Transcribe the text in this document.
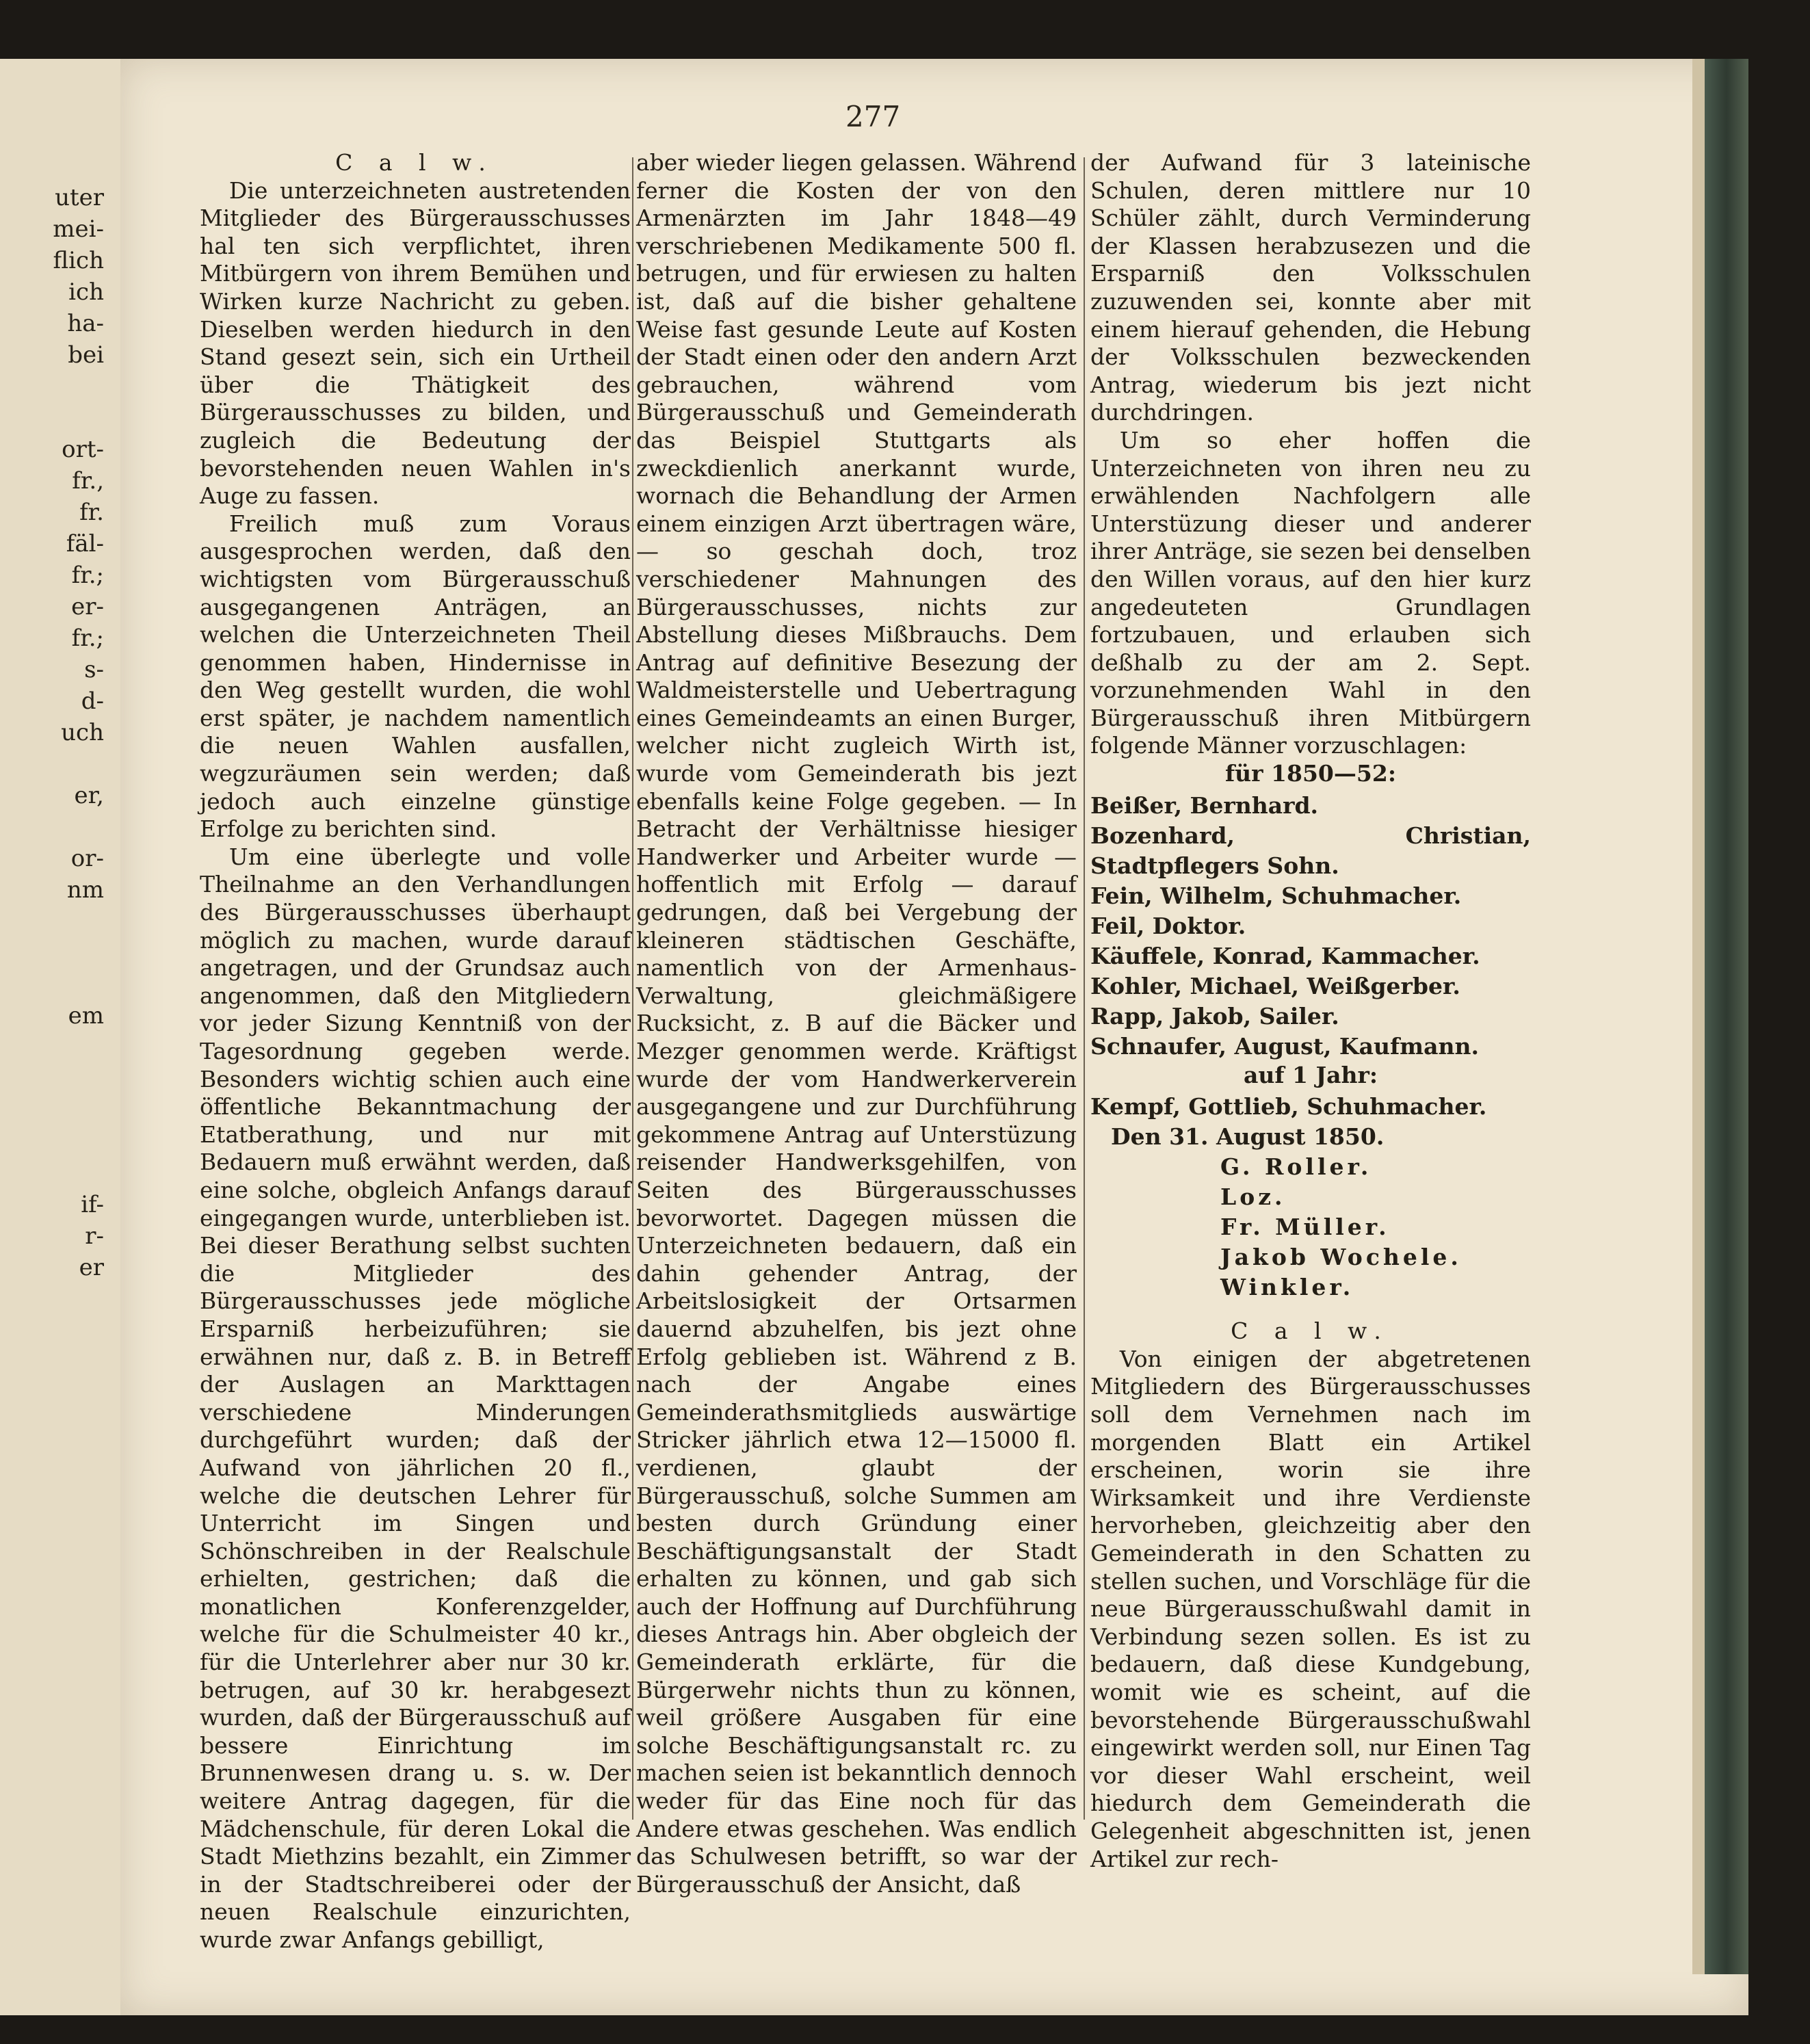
uter
mei-
flich
ich
ha-
bei

ort-
fr.,
fr.
fäl-
fr.;
er-
fr.;
s-
d-
uch

er,

or-
nm

em

if-
r-
er
277

C a l w.

Die unterzeichneten austretenden Mitglieder des Bürgerausschusses hal ten sich verpflichtet, ihren Mitbürgern von ihrem Bemühen und Wirken kurze Nachricht zu geben. Dieselben werden hiedurch in den Stand gesezt sein, sich ein Urtheil über die Thätigkeit des Bürgerausschusses zu bilden, und zugleich die Bedeutung der bevorstehenden neuen Wahlen in's Auge zu fassen.

Freilich muß zum Voraus ausgesprochen werden, daß den wichtigsten vom Bürgerausschuß ausgegangenen Anträgen, an welchen die Unterzeichneten Theil genommen haben, Hindernisse in den Weg gestellt wurden, die wohl erst später, je nachdem namentlich die neuen Wahlen ausfallen, wegzuräumen sein werden; daß jedoch auch einzelne günstige Erfolge zu berichten sind.

Um eine überlegte und volle Theilnahme an den Verhandlungen des Bürgerausschusses überhaupt möglich zu machen, wurde darauf angetragen, und der Grundsaz auch angenommen, daß den Mitgliedern vor jeder Sizung Kenntniß von der Tagesordnung gegeben werde. Besonders wichtig schien auch eine öffentliche Bekanntmachung der Etatberathung, und nur mit Bedauern muß erwähnt werden, daß eine solche, obgleich Anfangs darauf eingegangen wurde, unterblieben ist. Bei dieser Berathung selbst suchten die Mitglieder des Bürgerausschusses jede mögliche Ersparniß herbeizuführen; sie erwähnen nur, daß z. B. in Betreff der Auslagen an Markttagen verschiedene Minderungen durchgeführt wurden; daß der Aufwand von jährlichen 20 fl., welche die deutschen Lehrer für Unterricht im Singen und Schönschreiben in der Realschule erhielten, gestrichen; daß die monatlichen Konferenzgelder, welche für die Schulmeister 40 kr., für die Unterlehrer aber nur 30 kr. betrugen, auf 30 kr. herabgesezt wurden, daß der Bürgerausschuß auf bessere Einrichtung im Brunnenwesen drang u. s. w. Der weitere Antrag dagegen, für die Mädchenschule, für deren Lokal die Stadt Miethzins bezahlt, ein Zimmer in der Stadtschreiberei oder der neuen Realschule einzurichten, wurde zwar Anfangs gebilligt,

aber wieder liegen gelassen. Während ferner die Kosten der von den Armenärzten im Jahr 1848—49 verschriebenen Medikamente 500 fl. betrugen, und für erwiesen zu halten ist, daß auf die bisher gehaltene Weise fast gesunde Leute auf Kosten der Stadt einen oder den andern Arzt gebrauchen, während vom Bürgerausschuß und Gemeinderath das Beispiel Stuttgarts als zweckdienlich anerkannt wurde, wornach die Behandlung der Armen einem einzigen Arzt übertragen wäre, — so geschah doch, troz verschiedener Mahnungen des Bürgerausschusses, nichts zur Abstellung dieses Mißbrauchs. Dem Antrag auf definitive Besezung der Waldmeisterstelle und Uebertragung eines Gemeindeamts an einen Burger, welcher nicht zugleich Wirth ist, wurde vom Gemeinderath bis jezt ebenfalls keine Folge gegeben. — In Betracht der Verhältnisse hiesiger Handwerker und Arbeiter wurde — hoffentlich mit Erfolg — darauf gedrungen, daß bei Vergebung der kleineren städtischen Geschäfte, namentlich von der Armenhaus-Verwaltung, gleichmäßigere Rucksicht, z. B auf die Bäcker und Mezger genommen werde. Kräftigst wurde der vom Handwerkerverein ausgegangene und zur Durchführung gekommene Antrag auf Unterstüzung reisender Handwerksgehilfen, von Seiten des Bürgerausschusses bevorwortet. Dagegen müssen die Unterzeichneten bedauern, daß ein dahin gehender Antrag, der Arbeitslosigkeit der Ortsarmen dauernd abzuhelfen, bis jezt ohne Erfolg geblieben ist. Während z B. nach der Angabe eines Gemeinderathsmitglieds auswärtige Stricker jährlich etwa 12—15000 fl. verdienen, glaubt der Bürgerausschuß, solche Summen am besten durch Gründung einer Beschäftigungsanstalt der Stadt erhalten zu können, und gab sich auch der Hoffnung auf Durchführung dieses Antrags hin. Aber obgleich der Gemeinderath erklärte, für die Bürgerwehr nichts thun zu können, weil größere Ausgaben für eine solche Beschäftigungsanstalt rc. zu machen seien ist bekanntlich dennoch weder für das Eine noch für das Andere etwas geschehen. Was endlich das Schulwesen betrifft, so war der Bürgerausschuß der Ansicht, daß

der Aufwand für 3 lateinische Schulen, deren mittlere nur 10 Schüler zählt, durch Verminderung der Klassen herabzusezen und die Ersparniß den Volksschulen zuzuwenden sei, konnte aber mit einem hierauf gehenden, die Hebung der Volksschulen bezweckenden Antrag, wiederum bis jezt nicht durchdringen.

Um so eher hoffen die Unterzeichneten von ihren neu zu erwählenden Nachfolgern alle Unterstüzung dieser und anderer ihrer Anträge, sie sezen bei denselben den Willen voraus, auf den hier kurz angedeuteten Grundlagen fortzubauen, und erlauben sich deßhalb zu der am 2. Sept. vorzunehmenden Wahl in den Bürgerausschuß ihren Mitbürgern folgende Männer vorzuschlagen:

für 1850—52:

Beißer, Bernhard.
Bozenhard, Christian, Stadtpflegers Sohn.
Fein, Wilhelm, Schuhmacher.
Feil, Doktor.
Käuffele, Konrad, Kammacher.
Kohler, Michael, Weißgerber.
Rapp, Jakob, Sailer.
Schnaufer, August, Kaufmann.

auf 1 Jahr:

Kempf, Gottlieb, Schuhmacher.

Den 31. August 1850.

G. Roller.

Loz.

Fr. Müller.

Jakob Wochele.

Winkler.

C a l w.

Von einigen der abgetretenen Mitgliedern des Bürgerausschusses soll dem Vernehmen nach im morgenden Blatt ein Artikel erscheinen, worin sie ihre Wirksamkeit und ihre Verdienste hervorheben, gleichzeitig aber den Gemeinderath in den Schatten zu stellen suchen, und Vorschläge für die neue Bürgerausschußwahl damit in Verbindung sezen sollen. Es ist zu bedauern, daß diese Kundgebung, womit wie es scheint, auf die bevorstehende Bürgerausschußwahl eingewirkt werden soll, nur Einen Tag vor dieser Wahl erscheint, weil hiedurch dem Gemeinderath die Gelegenheit abgeschnitten ist, jenen Artikel zur rech-
